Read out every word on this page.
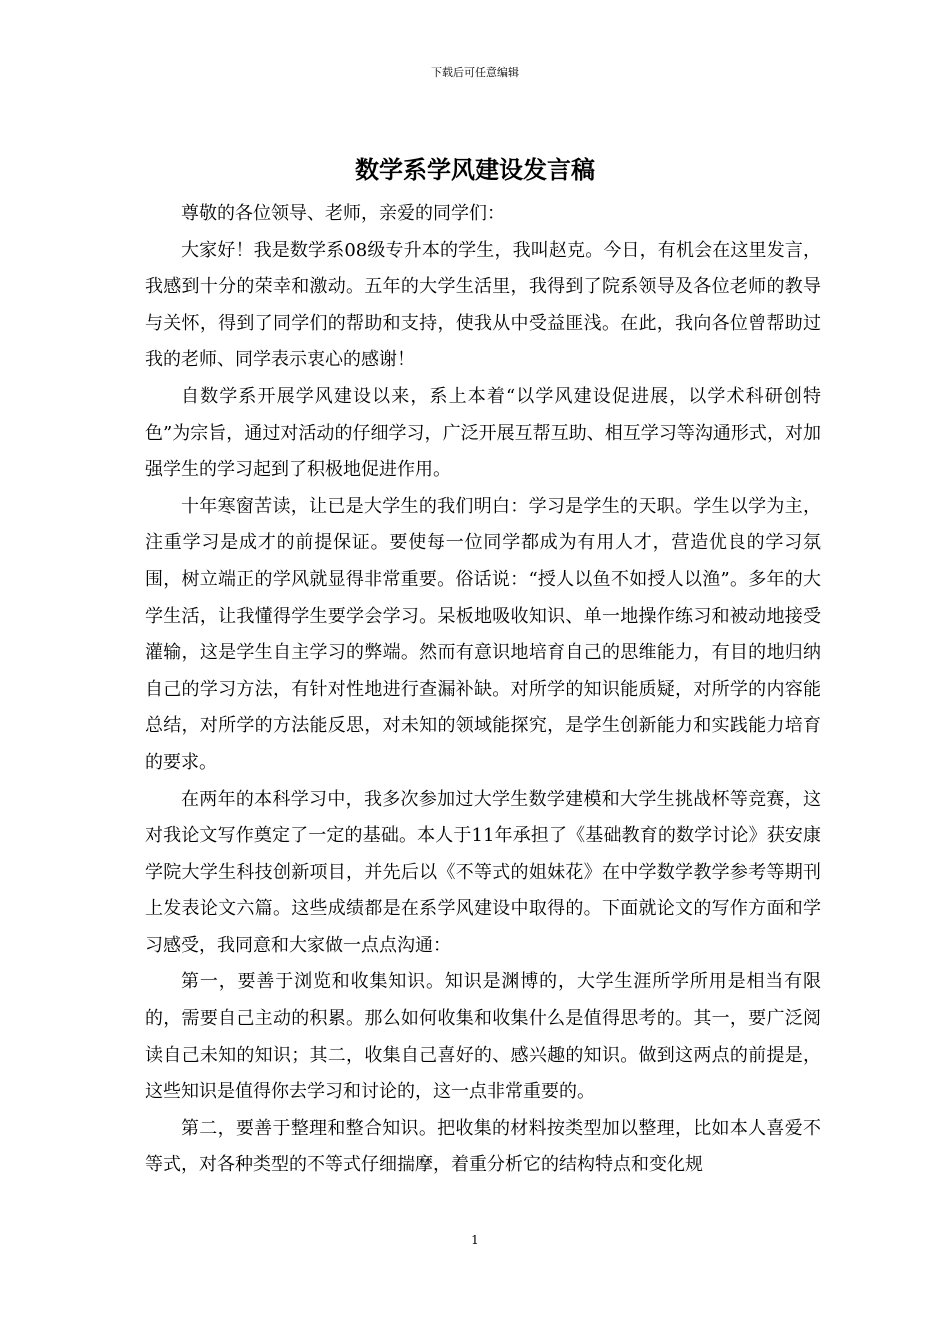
下载后可任意编辑
数学系学风建设发言稿

尊敬的各位领导、老师，亲爱的同学们：

大家好！我是数学系08级专升本的学生，我叫赵克。今日，有机会在这里发言，我感到十分的荣幸和激动。五年的大学生活里，我得到了院系领导及各位老师的教导与关怀，得到了同学们的帮助和支持，使我从中受益匪浅。在此，我向各位曾帮助过我的老师、同学表示衷心的感谢！

自数学系开展学风建设以来，系上本着“以学风建设促进展，以学术科研创特色”为宗旨，通过对活动的仔细学习，广泛开展互帮互助、相互学习等沟通形式，对加强学生的学习起到了积极地促进作用。

十年寒窗苦读，让已是大学生的我们明白：学习是学生的天职。学生以学为主，注重学习是成才的前提保证。要使每一位同学都成为有用人才，营造优良的学习氛围，树立端正的学风就显得非常重要。俗话说：“授人以鱼不如授人以渔”。多年的大学生活，让我懂得学生要学会学习。呆板地吸收知识、单一地操作练习和被动地接受灌输，这是学生自主学习的弊端。然而有意识地培育自己的思维能力，有目的地归纳自己的学习方法，有针对性地进行查漏补缺。对所学的知识能质疑，对所学的内容能总结，对所学的方法能反思，对未知的领域能探究，是学生创新能力和实践能力培育的要求。

在两年的本科学习中，我多次参加过大学生数学建模和大学生挑战杯等竞赛，这对我论文写作奠定了一定的基础。本人于11年承担了《基础教育的数学讨论》获安康学院大学生科技创新项目，并先后以《不等式的姐妹花》在中学数学教学参考等期刊上发表论文六篇。这些成绩都是在系学风建设中取得的。下面就论文的写作方面和学习感受，我同意和大家做一点点沟通：

第一，要善于浏览和收集知识。知识是渊博的，大学生涯所学所用是相当有限的，需要自己主动的积累。那么如何收集和收集什么是值得思考的。其一，要广泛阅读自己未知的知识；其二，收集自己喜好的、感兴趣的知识。做到这两点的前提是，这些知识是值得你去学习和讨论的，这一点非常重要的。

第二，要善于整理和整合知识。把收集的材料按类型加以整理，比如本人喜爱不等式，对各种类型的不等式仔细揣摩，着重分析它的结构特点和变化规

1
